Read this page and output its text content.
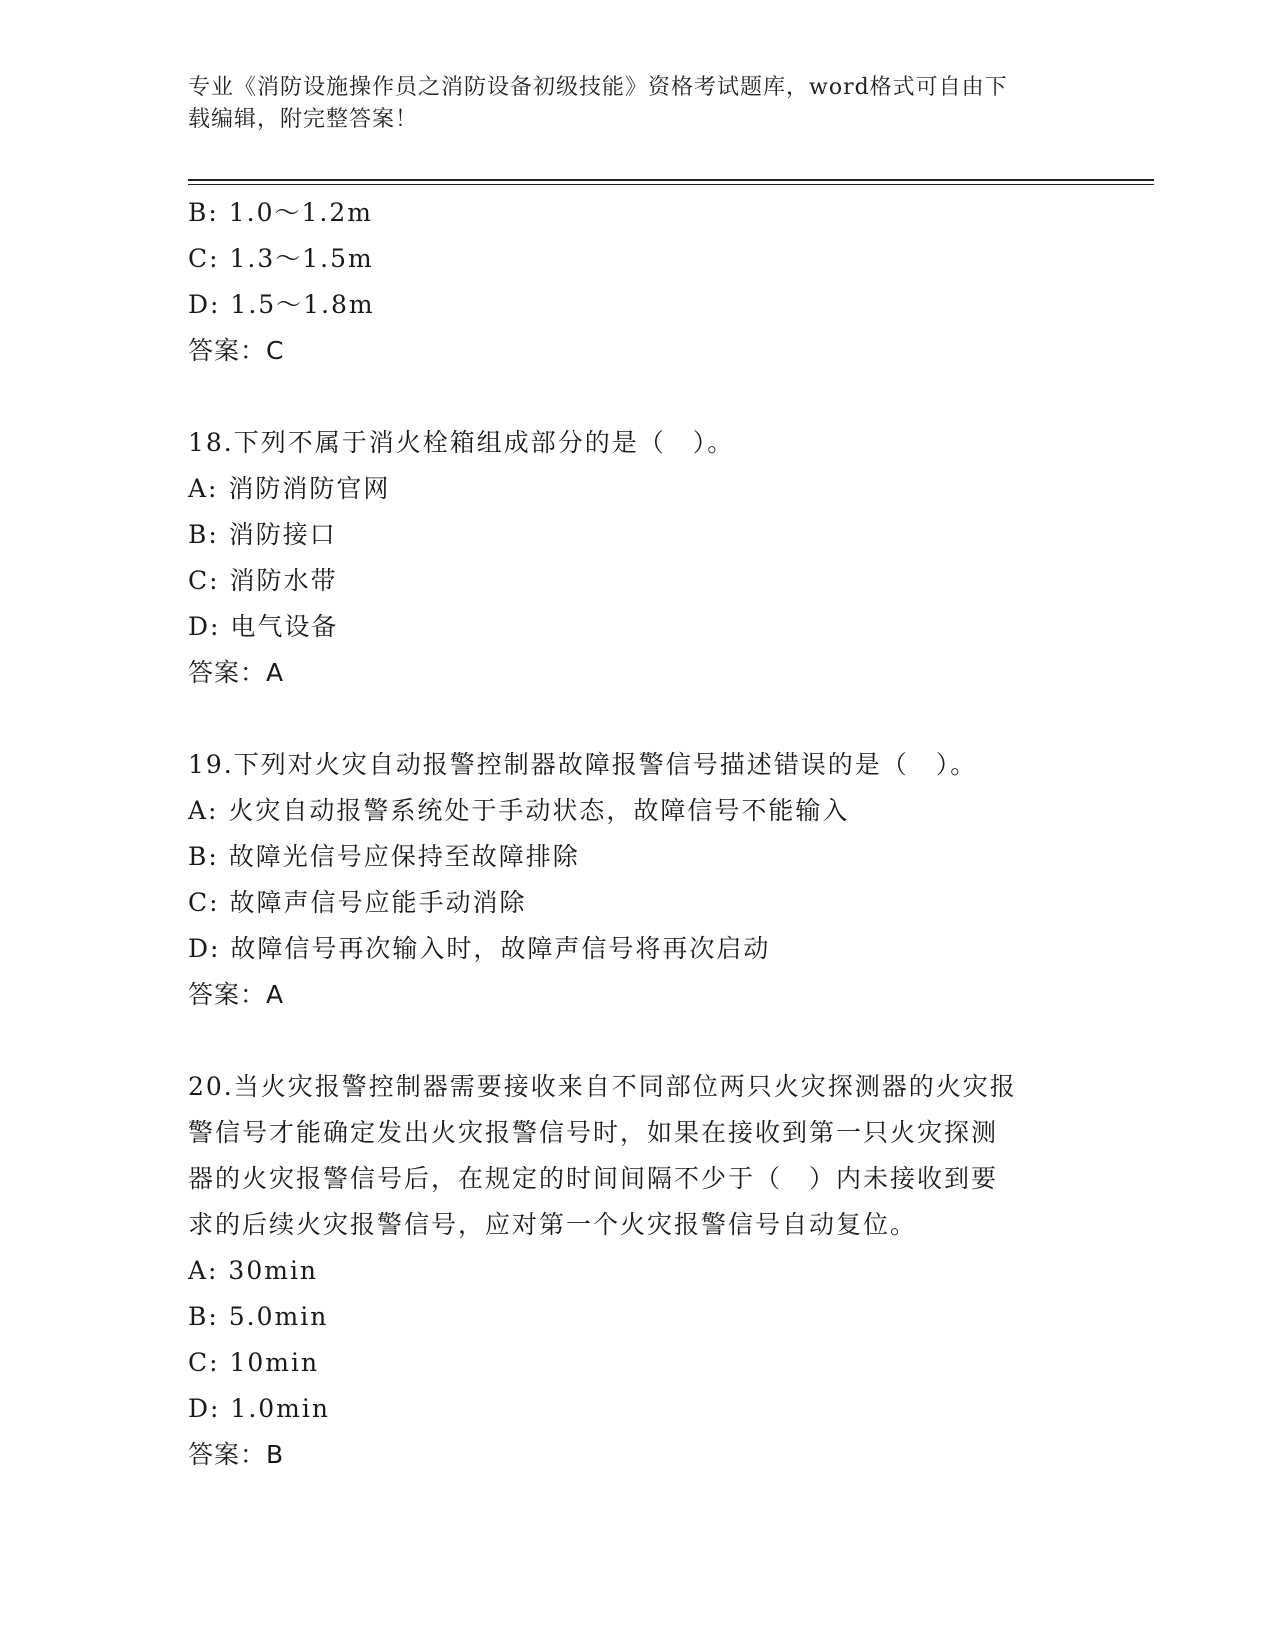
专业《消防设施操作员之消防设备初级技能》资格考试题库，word格式可自由下
载编辑，附完整答案！
B: 1.0～1.2m
C: 1.3～1.5m
D: 1.5～1.8m
答案：C
18.下列不属于消火栓箱组成部分的是（　）。
A: 消防消防官网
B: 消防接口
C: 消防水带
D: 电气设备
答案：A
19.下列对火灾自动报警控制器故障报警信号描述错误的是（　）。
A: 火灾自动报警系统处于手动状态，故障信号不能输入
B: 故障光信号应保持至故障排除
C: 故障声信号应能手动消除
D: 故障信号再次输入时，故障声信号将再次启动
答案：A
20.当火灾报警控制器需要接收来自不同部位两只火灾探测器的火灾报
警信号才能确定发出火灾报警信号时，如果在接收到第一只火灾探测
器的火灾报警信号后，在规定的时间间隔不少于（　）内未接收到要
求的后续火灾报警信号，应对第一个火灾报警信号自动复位。
A: 30min
B: 5.0min
C: 10min
D: 1.0min
答案：B
